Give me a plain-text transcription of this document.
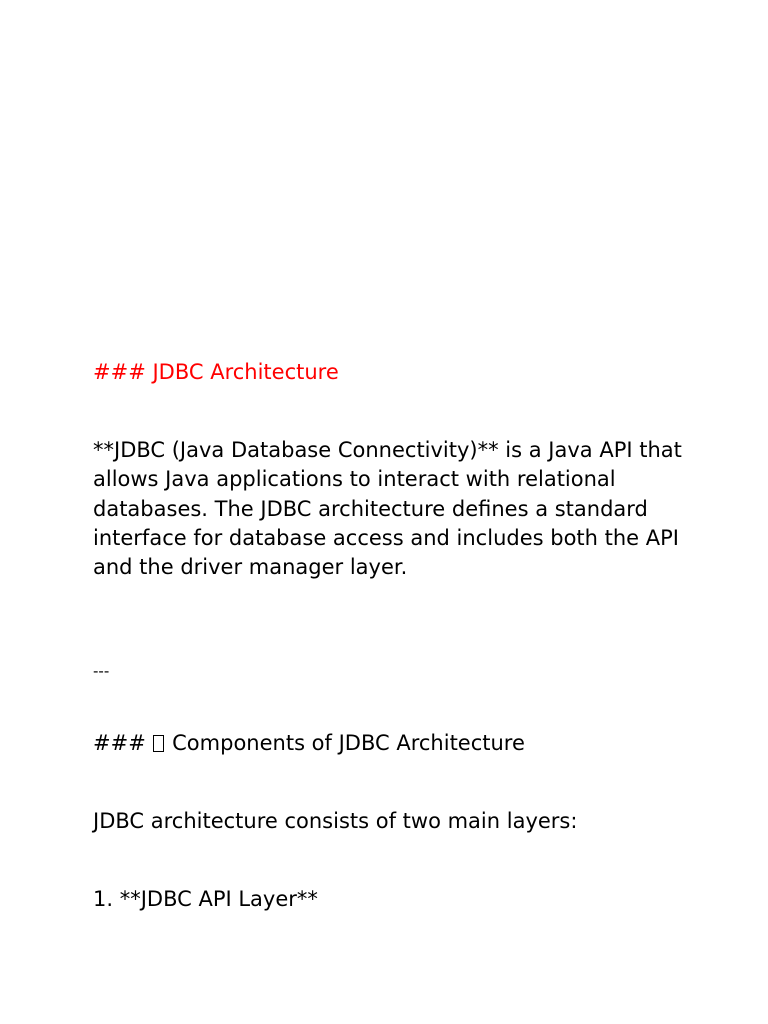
### JDBC Architecture

**JDBC (Java Database Connectivity)** is a Java API that allows Java applications to interact with relational databases. The JDBC architecture defines a standard interface for database access and includes both the API and the driver manager layer.

---

###  Components of JDBC Architecture

JDBC architecture consists of two main layers:

1. **JDBC API Layer**
